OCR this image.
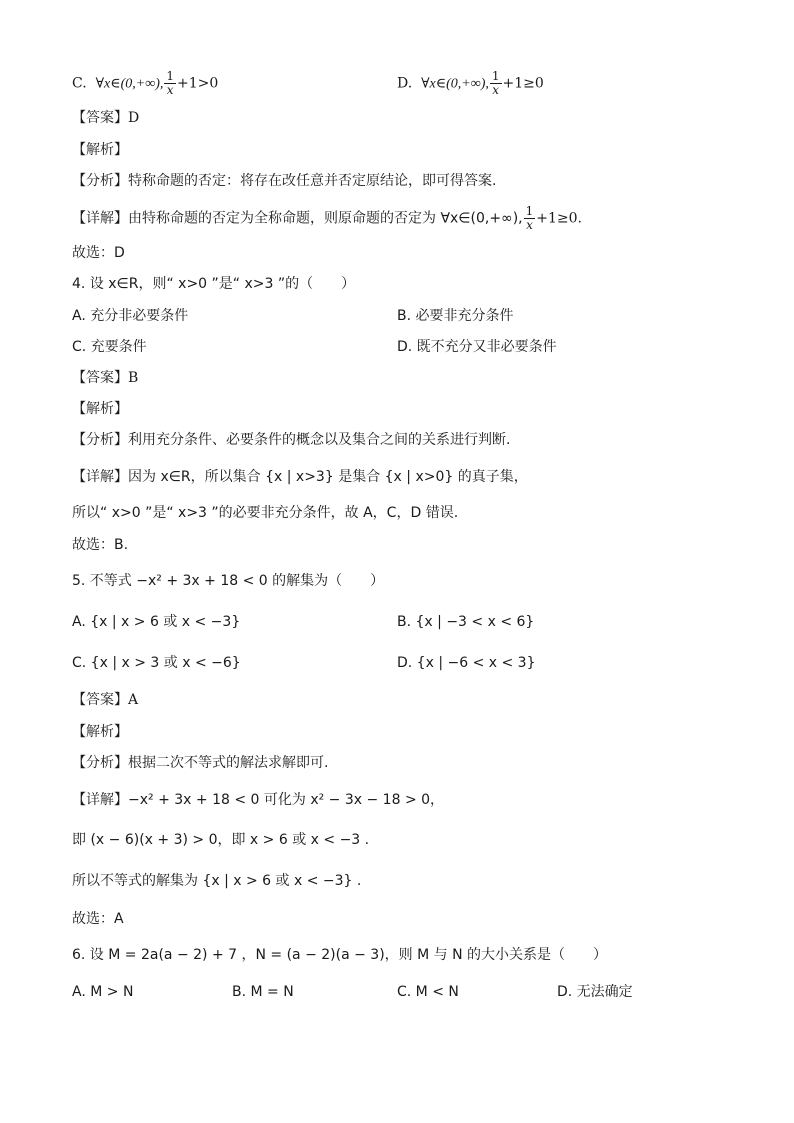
C. ∀x∈(0,+∞), $\frac{1}{x} +1>0$	D. ∀x∈(0,+∞), $\frac{1}{x} +1\ge 0$
【答案】D
【解析】
【分析】特称命题的否定：将存在改任意并否定原结论，即可得答案.
【详解】由特称命题的否定为全称命题，则原命题的否定为 ∀x∈(0,+∞), $\frac{1}{x} +1\ge 0$.
故选：D
4. 设 x∈R，则“ x>0 ”是“ x>3 ”的（　　）
A. 充分非必要条件	B. 必要非充分条件
C. 充要条件	D. 既不充分又非必要条件
【答案】B
【解析】
【分析】利用充分条件、必要条件的概念以及集合之间的关系进行判断.
【详解】因为 x∈R，所以集合 {x | x>3} 是集合 {x | x>0} 的真子集，
所以“ x>0 ”是“ x>3 ”的必要非充分条件，故 A，C，D 错误.
故选：B.
5. 不等式 −x² + 3x + 18 < 0 的解集为（　　）
A. {x | x > 6 或 x < −3}	B. {x | −3 < x < 6}
C. {x | x > 3 或 x < −6}	D. {x | −6 < x < 3}
【答案】A
【解析】
【分析】根据二次不等式的解法求解即可.
【详解】−x² + 3x + 18 < 0 可化为 x² − 3x − 18 > 0，
即 (x − 6)(x + 3) > 0，即 x > 6 或 x < −3 .
所以不等式的解集为 {x | x > 6 或 x < −3} .
故选：A
6. 设 M = 2a(a − 2) + 7 ，N = (a − 2)(a − 3)，则 M 与 N 的大小关系是（　　）
A. M > N	B. M = N	C. M < N	D. 无法确定
